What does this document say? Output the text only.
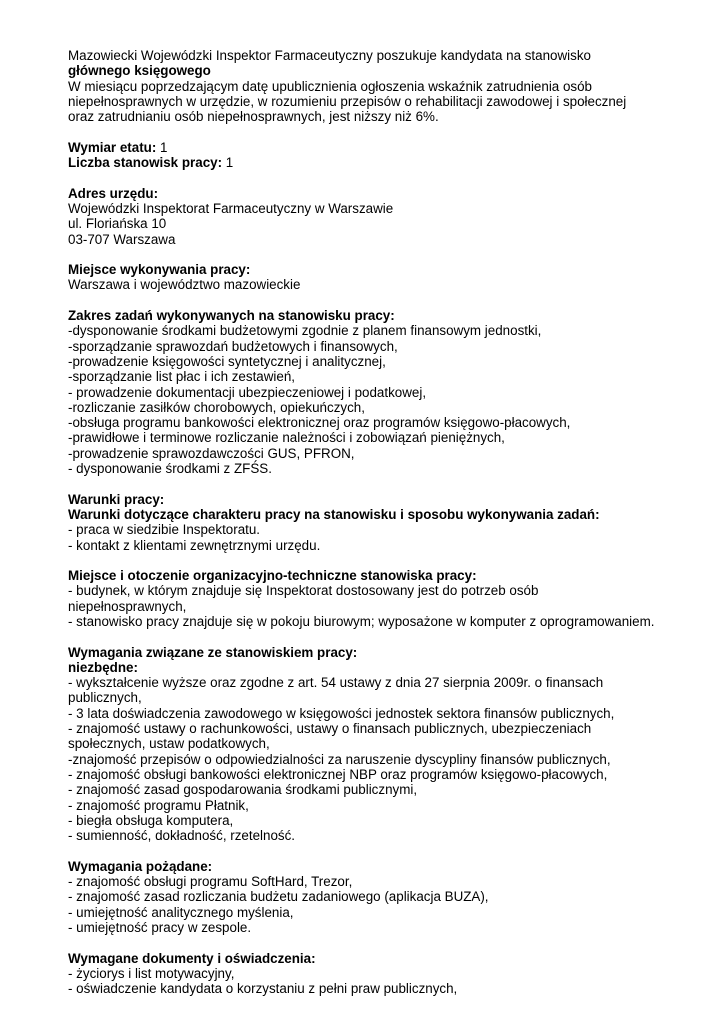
Mazowiecki Wojewódzki Inspektor Farmaceutyczny poszukuje kandydata na stanowisko

głównego księgowego

W miesiącu poprzedzającym datę upublicznienia ogłoszenia wskaźnik zatrudnienia osób

niepełnosprawnych w urzędzie, w rozumieniu przepisów o rehabilitacji zawodowej i społecznej

oraz zatrudnianiu osób niepełnosprawnych, jest niższy niż 6%.

Wymiar etatu: 1

Liczba stanowisk pracy: 1

Adres urzędu:

Wojewódzki Inspektorat Farmaceutyczny w Warszawie

ul. Floriańska 10

03-707 Warszawa

Miejsce wykonywania pracy:

Warszawa i województwo mazowieckie

Zakres zadań wykonywanych na stanowisku pracy:

-dysponowanie środkami budżetowymi zgodnie z planem finansowym jednostki,

-sporządzanie sprawozdań budżetowych i finansowych,

-prowadzenie księgowości syntetycznej i analitycznej,

-sporządzanie list płac i ich zestawień,

- prowadzenie dokumentacji ubezpieczeniowej i podatkowej,

-rozliczanie zasiłków chorobowych, opiekuńczych,

-obsługa programu bankowości elektronicznej oraz programów księgowo-płacowych,

-prawidłowe i terminowe rozliczanie należności i zobowiązań pieniężnych,

-prowadzenie sprawozdawczości GUS, PFRON,

- dysponowanie środkami z ZFŚS.

Warunki pracy:

Warunki dotyczące charakteru pracy na stanowisku i sposobu wykonywania zadań:

- praca w siedzibie Inspektoratu.

- kontakt z klientami zewnętrznymi urzędu.

Miejsce i otoczenie organizacyjno-techniczne stanowiska pracy:

- budynek, w którym znajduje się Inspektorat dostosowany jest do potrzeb osób

niepełnosprawnych,

- stanowisko pracy znajduje się w pokoju biurowym; wyposażone w komputer z oprogramowaniem.

Wymagania związane ze stanowiskiem pracy:

niezbędne:

- wykształcenie wyższe oraz zgodne z art. 54 ustawy z dnia 27 sierpnia 2009r. o finansach

publicznych,

- 3 lata doświadczenia zawodowego w księgowości jednostek sektora finansów publicznych,

- znajomość ustawy o rachunkowości, ustawy o finansach publicznych, ubezpieczeniach

społecznych, ustaw podatkowych,

-znajomość przepisów o odpowiedzialności za naruszenie dyscypliny finansów publicznych,

- znajomość obsługi bankowości elektronicznej NBP oraz programów księgowo-płacowych,

- znajomość zasad gospodarowania środkami publicznymi,

- znajomość programu Płatnik,

- biegła obsługa komputera,

- sumienność, dokładność, rzetelność.

Wymagania pożądane:

- znajomość obsługi programu SoftHard, Trezor,

- znajomość zasad rozliczania budżetu zadaniowego (aplikacja BUZA),

- umiejętność analitycznego myślenia,

- umiejętność pracy w zespole.

Wymagane dokumenty i oświadczenia:

- życiorys i list motywacyjny,

- oświadczenie kandydata o korzystaniu z pełni praw publicznych,
